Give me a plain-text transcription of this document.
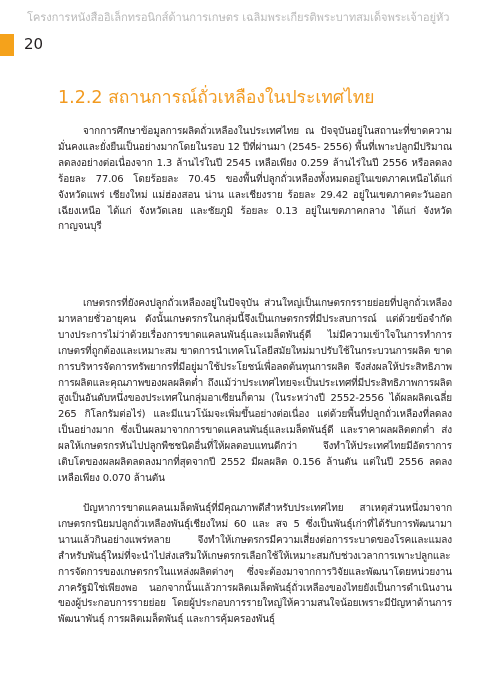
โครงการหนังสืออิเล็กทรอนิกส์ด้านการเกษตร เฉลิมพระเกียรติพระบาทสมเด็จพระเจ้าอยู่หัว
20
1.2.2 สถานการณ์ถั่วเหลืองในประเทศไทย

จากการศึกษาข้อมูลการผลิตถั่วเหลืองในประเทศไทย ณ ปัจจุบันอยู่ในสถานะที่ขาดความมั่นคงและยั่งยืนเป็นอย่างมากโดยในรอบ 12 ปีที่ผ่านมา (2545- 2556) พื้นที่เพาะปลูกมีปริมาณลดลงอย่างต่อเนื่องจาก 1.3 ล้านไร่ในปี 2545 เหลือเพียง 0.259 ล้านไร่ในปี 2556 หรือลดลงร้อยละ 77.06 โดยร้อยละ 70.45 ของพื้นที่ปลูกถั่วเหลืองทั้งหมดอยู่ในเขตภาคเหนือได้แก่ จังหวัดแพร่ เชียงใหม่ แม่ฮ่องสอน น่าน และเชียงราย ร้อยละ 29.42 อยู่ในเขตภาคตะวันออกเฉียงเหนือ ได้แก่ จังหวัดเลย และชัยภูมิ ร้อยละ 0.13 อยู่ในเขตภาคกลาง ได้แก่ จังหวัดกาญจนบุรี

เกษตรกรที่ยังคงปลูกถั่วเหลืองอยู่ในปัจจุบัน ส่วนใหญ่เป็นเกษตรกรรายย่อยที่ปลูกถั่วเหลืองมาหลายชั่วอายุคน ดังนั้นเกษตรกรในกลุ่มนี้จึงเป็นเกษตรกรที่มีประสบการณ์ แต่ด้วยข้อจำกัดบางประการไม่ว่าด้วยเรื่องการขาดแคลนพันธุ์และเมล็ดพันธุ์ดี ไม่มีความเข้าใจในการทำการเกษตรที่ถูกต้องและเหมาะสม ขาดการนำเทคโนโลยีสมัยใหม่มาปรับใช้ในกระบวนการผลิต ขาดการบริหารจัดการทรัพยากรที่มีอยู่มาใช้ประโยชน์เพื่อลดต้นทุนการผลิต จึงส่งผลให้ประสิทธิภาพการผลิตและคุณภาพของผลผลิตต่ำ ถึงแม้ว่าประเทศไทยจะเป็นประเทศที่มีประสิทธิภาพการผลิตสูงเป็นอันดับหนึ่งของประเทศในกลุ่มอาเซียนก็ตาม (ในระหว่างปี 2552-2556 ได้ผลผลิตเฉลี่ย 265 กิโลกรัมต่อไร่) และมีแนวโน้มจะเพิ่มขึ้นอย่างต่อเนื่อง แต่ด้วยพื้นที่ปลูกถั่วเหลืองที่ลดลงเป็นอย่างมาก ซึ่งเป็นผลมาจากการขาดแคลนพันธุ์และเมล็ดพันธุ์ดี และราคาผลผลิตตกต่ำ ส่งผลให้เกษตรกรหันไปปลูกพืชชนิดอื่นที่ให้ผลตอบแทนดีกว่า จึงทำให้ประเทศไทยมีอัตราการเติบโตของผลผลิตลดลงมากที่สุดจากปี 2552 มีผลผลิต 0.156 ล้านตัน แต่ในปี 2556 ลดลงเหลือเพียง 0.070 ล้านตัน

ปัญหาการขาดแคลนเมล็ดพันธุ์ที่มีคุณภาพดีสำหรับประเทศไทย สาเหตุส่วนหนึ่งมาจากเกษตรกรนิยมปลูกถั่วเหลืองพันธุ์เชียงใหม่ 60 และ สจ 5 ซึ่งเป็นพันธุ์เก่าที่ได้รับการพัฒนามานานแล้วกินอย่างแพร่หลาย จึงทำให้เกษตรกรมีความเสี่ยงต่อการระบาดของโรคและแมลง สำหรับพันธุ์ใหม่ที่จะนำไปส่งเสริมให้เกษตรกรเลือกใช้ให้เหมาะสมกับช่วงเวลาการเพาะปลูกและการจัดการของเกษตรกรในแหล่งผลิตต่างๆ ซึ่งจะต้องมาจากการวิจัยและพัฒนาโดยหน่วยงานภาครัฐมิใช่เพียงพอ นอกจากนั้นแล้วการผลิตเมล็ดพันธุ์ถั่วเหลืองของไทยยังเป็นการดำเนินงานของผู้ประกอบการรายย่อย โดยผู้ประกอบการรายใหญ่ให้ความสนใจน้อยเพราะมีปัญหาด้านการพัฒนาพันธุ์ การผลิตเมล็ดพันธุ์ และการคุ้มครองพันธุ์
